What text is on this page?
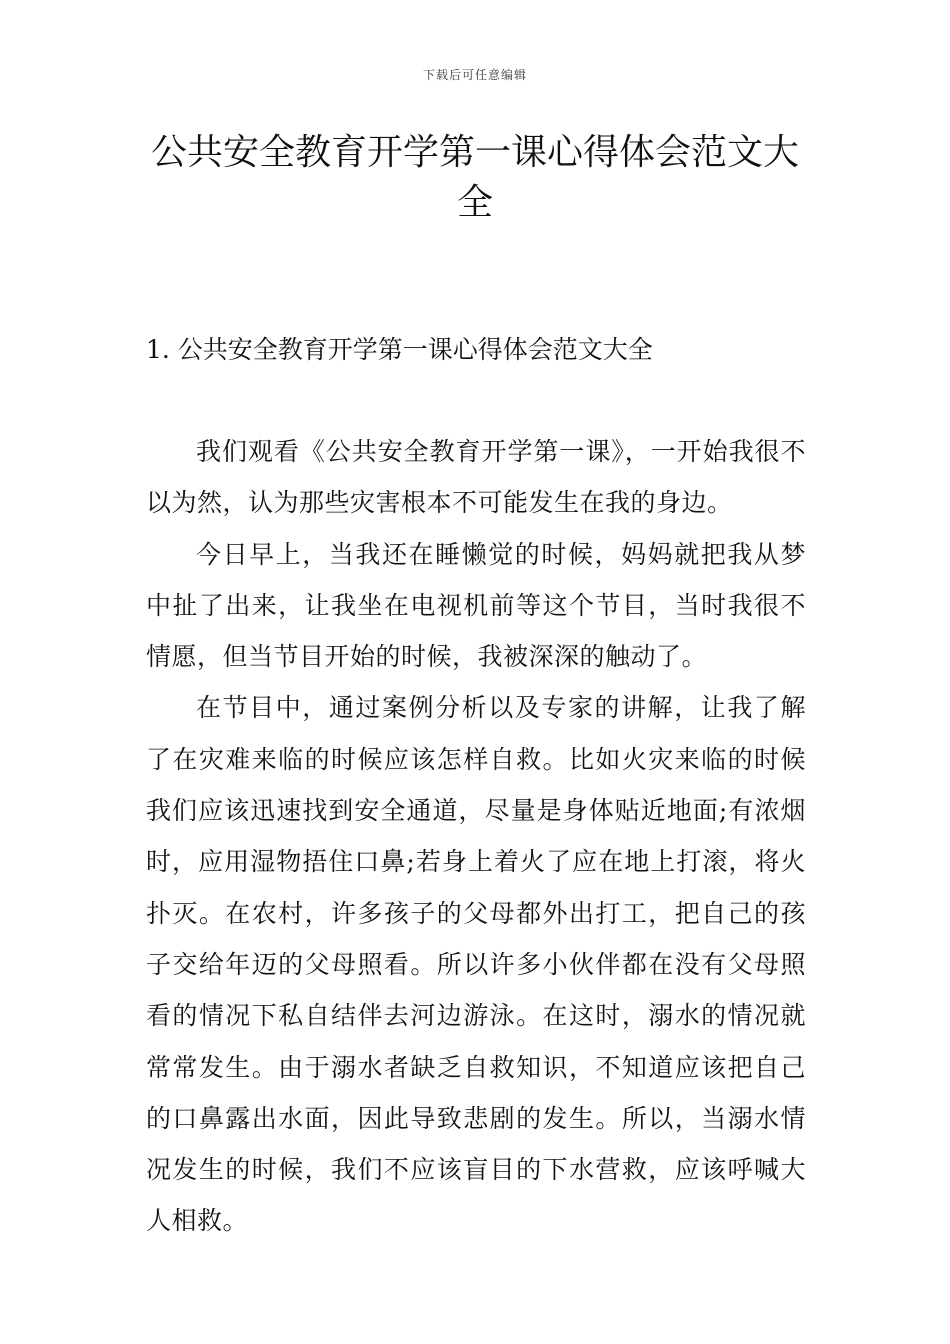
下载后可任意编辑
公共安全教育开学第一课心得体会范文大全
1. 公共安全教育开学第一课心得体会范文大全

我们观看《公共安全教育开学第一课》，一开始我很不以为然，认为那些灾害根本不可能发生在我的身边。

今日早上，当我还在睡懒觉的时候，妈妈就把我从梦中扯了出来，让我坐在电视机前等这个节目，当时我很不情愿，但当节目开始的时候，我被深深的触动了。

在节目中，通过案例分析以及专家的讲解，让我了解了在灾难来临的时候应该怎样自救。比如火灾来临的时候我们应该迅速找到安全通道，尽量是身体贴近地面;有浓烟时，应用湿物捂住口鼻;若身上着火了应在地上打滚，将火扑灭。在农村，许多孩子的父母都外出打工，把自己的孩子交给年迈的父母照看。所以许多小伙伴都在没有父母照看的情况下私自结伴去河边游泳。在这时，溺水的情况就常常发生。由于溺水者缺乏自救知识，不知道应该把自己的口鼻露出水面，因此导致悲剧的发生。所以，当溺水情况发生的时候，我们不应该盲目的下水营救，应该呼喊大人相救。
